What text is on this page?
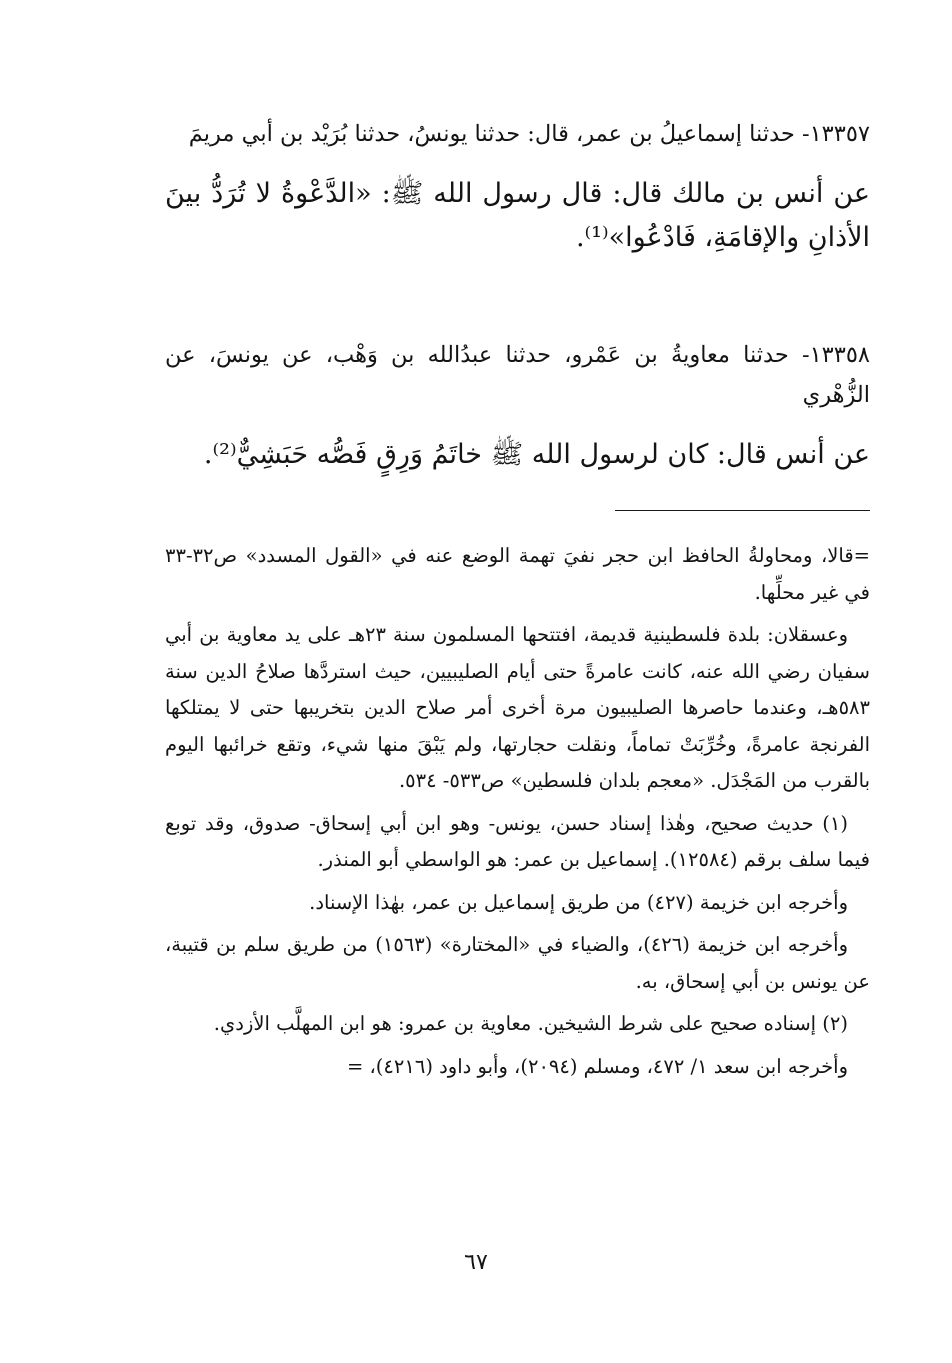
١٣٣٥٧- حدثنا إسماعيلُ بن عمر، قال: حدثنا يونسُ، حدثنا بُرَيْد بن أبي مريمَ

عن أنس بن مالك قال: قال رسول الله ﷺ: «الدَّعْوةُ لا تُرَدُّ بينَ الأذانِ والإقامَةِ، فَادْعُوا»⁽¹⁾.

١٣٣٥٨- حدثنا معاويةُ بن عَمْرو، حدثنا عبدُالله بن وَهْب، عن يونسَ، عن الزُّهْري

عن أنس قال: كان لرسول الله ﷺ خاتَمُ وَرِقٍ فَصُّه حَبَشِيٌّ⁽²⁾.

=قالا، ومحاولةُ الحافظ ابن حجر نفيَ تهمة الوضع عنه في «القول المسدد» ص٣٢-٣٣ في غير محلِّها.

وعسقلان: بلدة فلسطينية قديمة، افتتحها المسلمون سنة ٢٣هـ على يد معاوية بن أبي سفيان رضي الله عنه، كانت عامرةً حتى أيام الصليبيين، حيث استردَّها صلاحُ الدين سنة ٥٨٣هـ، وعندما حاصرها الصليبيون مرة أخرى أمر صلاح الدين بتخريبها حتى لا يمتلكها الفرنجة عامرةً، وخُرِّبَتْ تماماً، ونقلت حجارتها، ولم يَبْقَ منها شيء، وتقع خرائبها اليوم بالقرب من المَجْدَل. «معجم بلدان فلسطين» ص٥٣٣- ٥٣٤.

(١) حديث صحيح، وهٰذا إسناد حسن، يونس- وهو ابن أبي إسحاق- صدوق، وقد توبع فيما سلف برقم (١٢٥٨٤). إسماعيل بن عمر: هو الواسطي أبو المنذر.

وأخرجه ابن خزيمة (٤٢٧) من طريق إسماعيل بن عمر، بهٰذا الإسناد.

وأخرجه ابن خزيمة (٤٢٦)، والضياء في «المختارة» (١٥٦٣) من طريق سلم بن قتيبة، عن يونس بن أبي إسحاق، به.

(٢) إسناده صحيح على شرط الشيخين. معاوية بن عمرو: هو ابن المهلَّب الأزدي.

وأخرجه ابن سعد ١/ ٤٧٢، ومسلم (٢٠٩٤)، وأبو داود (٤٢١٦)، =

٦٧
